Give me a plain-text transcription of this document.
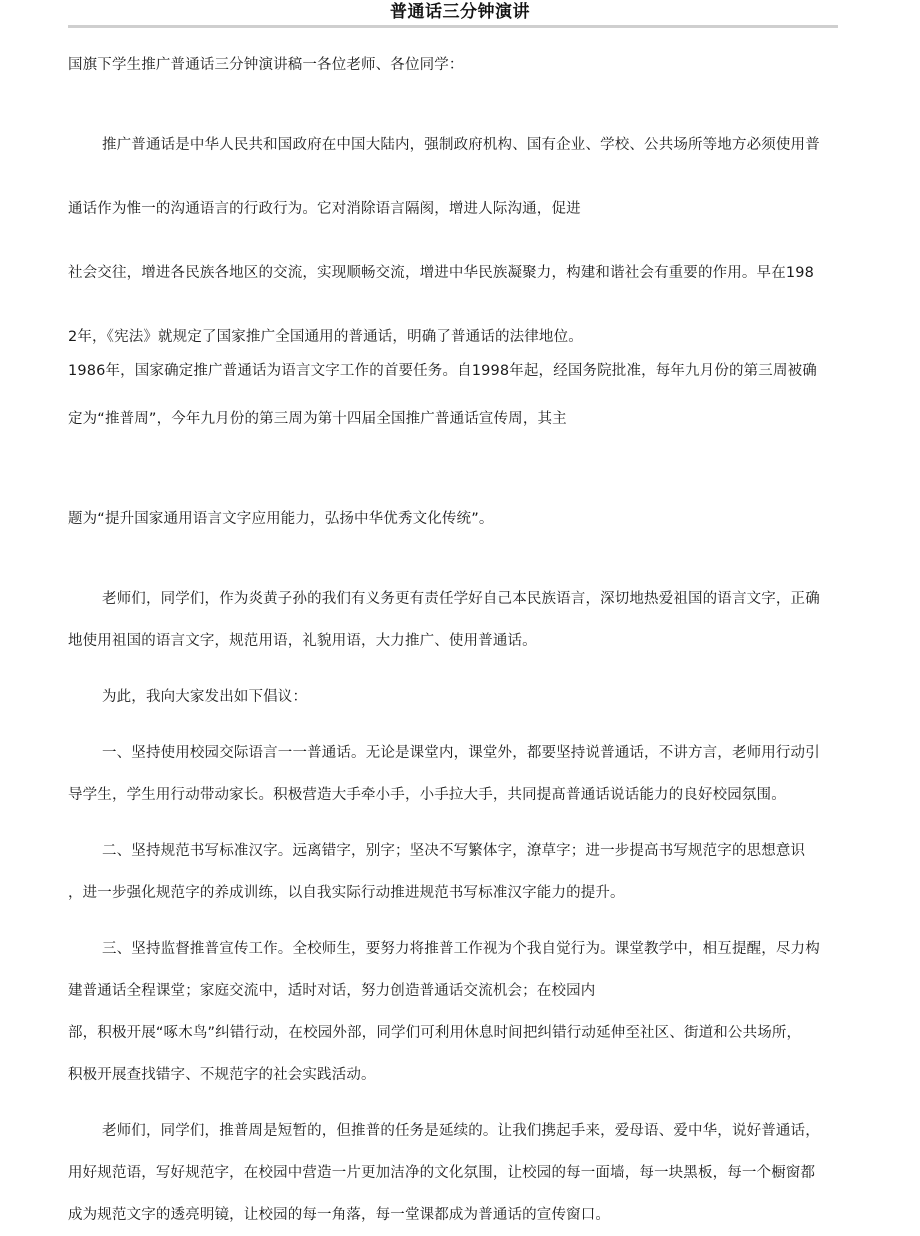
普通话三分钟演讲
国旗下学生推广普通话三分钟演讲稿一各位老师、各位同学：
推广普通话是中华人民共和国政府在中国大陆内，强制政府机构、国有企业、学校、公共场所等地方必须使用普
通话作为惟一的沟通语言的行政行为。它对消除语言隔阂，增进人际沟通，促进
社会交往，增进各民族各地区的交流，实现顺畅交流，增进中华民族凝聚力，构建和谐社会有重要的作用。早在198
2年，《宪法》就规定了国家推广全国通用的普通话，明确了普通话的法律地位。
1986年，国家确定推广普通话为语言文字工作的首要任务。自1998年起，经国务院批准，每年九月份的第三周被确
定为“推普周”，今年九月份的第三周为第十四届全国推广普通话宣传周，其主
题为“提升国家通用语言文字应用能力，弘扬中华优秀文化传统”。
老师们，同学们，作为炎黄子孙的我们有义务更有责任学好自己本民族语言，深切地热爱祖国的语言文字，正确
地使用祖国的语言文字，规范用语，礼貌用语，大力推广、使用普通话。
为此，我向大家发出如下倡议：
一、坚持使用校园交际语言一一普通话。无论是课堂内，课堂外，都要坚持说普通话，不讲方言，老师用行动引
导学生，学生用行动带动家长。积极营造大手牵小手，小手拉大手，共同提髙普通话说话能力的良好校园氛围。
二、坚持规范书写标准汉字。远离错字，别字；坚决不写繁体字，潦草字；进一步提高书写规范字的思想意识
，进一步强化规范字的养成训练，以自我实际行动推进规范书写标准汉字能力的提升。
三、坚持监督推普宣传工作。全校师生，要努力将推普工作视为个我自觉行为。课堂教学中，相互提醒，尽力构
建普通话全程课堂；家庭交流中，适时对话，努力创造普通话交流机会；在校园内
部，积极开展“啄木鸟”纠错行动，在校园外部，同学们可利用休息时间把纠错行动延伸至社区、街道和公共场所，
积极开展查找错字、不规范字的社会实践活动。
老师们，同学们，推普周是短暂的，但推普的任务是延续的。让我们携起手来，爱母语、爱中华，说好普通话，
用好规范语，写好规范字，在校园中营造一片更加洁净的文化氛围，让校园的每一面墙，每一块黑板，每一个橱窗都
成为规范文字的透亮明镜，让校园的每一角落，每一堂课都成为普通话的宣传窗口。
